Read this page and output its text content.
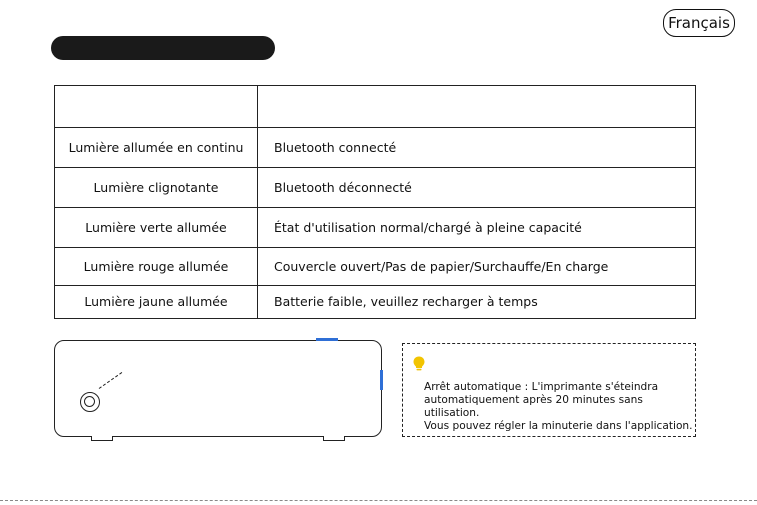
Français
Lumière allumée en continu	Bluetooth connecté
Lumière clignotante	Bluetooth déconnecté
Lumière verte allumée	État d'utilisation normal/chargé à pleine capacité
Lumière rouge allumée	Couvercle ouvert/Pas de papier/Surchauffe/En charge
Lumière jaune allumée	Batterie faible, veuillez recharger à temps
Arrêt automatique : L'imprimante s'éteindra
automatiquement après 20 minutes sans utilisation.
Vous pouvez régler la minuterie dans l'application.
